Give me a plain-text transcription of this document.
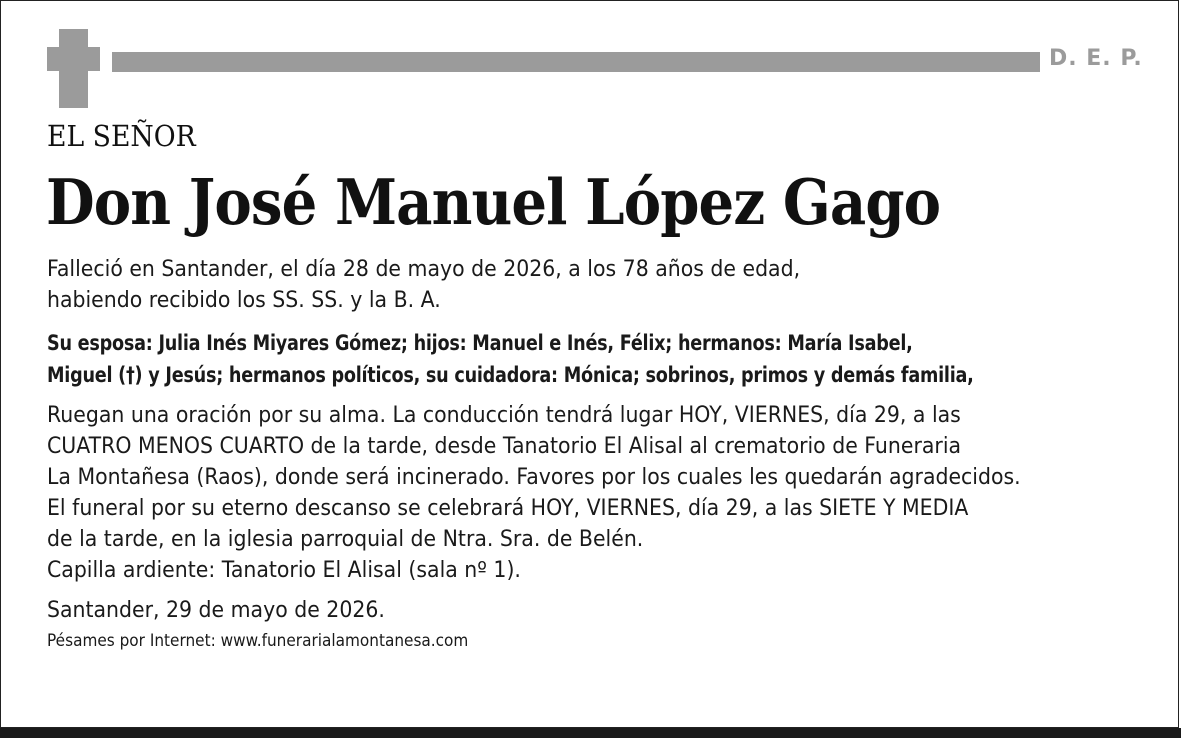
D. E. P.
EL SEÑOR
Don José Manuel López Gago
Falleció en Santander, el día 28 de mayo de 2026, a los 78 años de edad,
habiendo recibido los SS. SS. y la B. A.
Su esposa: Julia Inés Miyares Gómez; hijos: Manuel e Inés, Félix; hermanos: María Isabel,
Miguel (†) y Jesús; hermanos políticos, su cuidadora: Mónica; sobrinos, primos y demás familia,
Ruegan una oración por su alma. La conducción tendrá lugar HOY, VIERNES, día 29, a las
CUATRO MENOS CUARTO de la tarde, desde Tanatorio El Alisal al crematorio de Funeraria
La Montañesa (Raos), donde será incinerado. Favores por los cuales les quedarán agradecidos.
El funeral por su eterno descanso se celebrará HOY, VIERNES, día 29, a las SIETE Y MEDIA
de la tarde, en la iglesia parroquial de Ntra. Sra. de Belén.
Capilla ardiente: Tanatorio El Alisal (sala nº 1).
Santander, 29 de mayo de 2026.
Pésames por Internet: www.funerarialamontanesa.com
